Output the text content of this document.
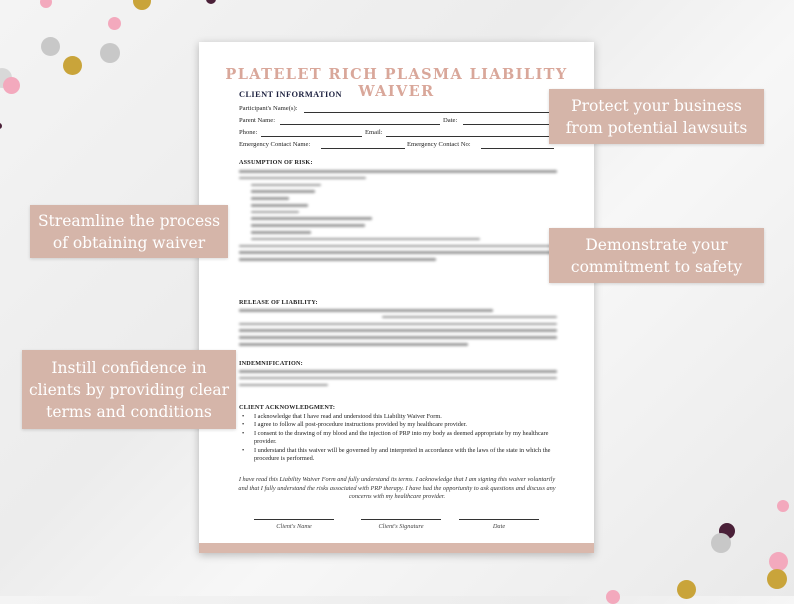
PLATELET RICH PLASMA LIABILITY WAIVER
CLIENT INFORMATION
Participant's Name(s):
Parent Name:	Date:
Phone:	Email:
Emergency Contact Name:	Emergency Contact No:
ASSUMPTION OF RISK:
RELEASE OF LIABILITY:
INDEMNIFICATION:
CLIENT ACKNOWLEDGMENT:
•	I acknowledge that I have read and understood this Liability Waiver Form.
•	I agree to follow all post-procedure instructions provided by my healthcare provider.
•	I consent to the drawing of my blood and the injection of PRP into my body as deemed appropriate by my healthcare provider.
•	I understand that this waiver will be governed by and interpreted in accordance with the laws of the state in which the procedure is performed.
I have read this Liability Waiver Form and fully understand its terms. I acknowledge that I am signing this waiver voluntarily and that I fully understand the risks associated with PRP therapy. I have had the opportunity to ask questions and discuss any concerns with my healthcare provider.
Client's Name	Client's Signature	Date
Protect your business from potential lawsuits
Streamline the process of obtaining waiver	Demonstrate your commitment to safety
Instill confidence in clients by providing clear terms and conditions
